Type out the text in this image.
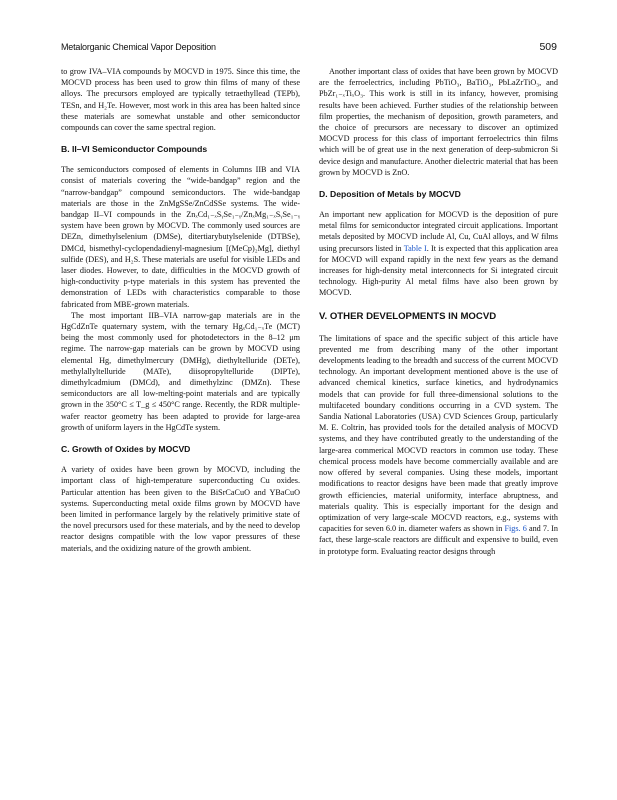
Metalorganic Chemical Vapor Deposition	509

to grow IVA–VIA compounds by MOCVD in 1975. Since this time, the MOCVD process has been used to grow thin films of many of these alloys. The precursors employed are typically tetraethyllead (TEPb), TESn, and H₂Te. However, most work in this area has been halted since these materials are somewhat unstable and other semiconductor compounds can cover the same spectral region.

B. II–VI Semiconductor Compounds

The semiconductors composed of elements in Columns IIB and VIA consist of materials covering the “wide-bandgap” region and the “narrow-bandgap” compound semiconductors. The wide-bandgap materials are those in the ZnMgSSe/ZnCdSSe systems. The wide-bandgap II–VI compounds in the ZnₓCd₁₋ₓSᵧSe₁₋ᵧ/ZnₓMg₁₋ₓSᵧSe₁₋ᵧ system have been grown by MOCVD. The commonly used sources are DEZn, dimethylselenium (DMSe), ditertiarybutylselenide (DTBSe), DMCd, bismethyl-cyclopendadienyl-magnesium [(MeCp)₂Mg], diethyl sulfide (DES), and H₂S. These materials are useful for visible LEDs and laser diodes. However, to date, difficulties in the MOCVD growth of high-conductivity p-type materials in this system has prevented the demonstration of LEDs with characteristics comparable to those fabricated from MBE-grown materials.

The most important IIB–VIA narrow-gap materials are in the HgCdZnTe quaternary system, with the ternary HgₓCd₁₋ₓTe (MCT) being the most commonly used for photodetectors in the 8–12 μm regime. The narrow-gap materials can be grown by MOCVD using elemental Hg, dimethylmercury (DMHg), diethyltelluride (DETe), methylallyltelluride (MATe), diisopropyltelluride (DIPTe), dimethylcadmium (DMCd), and dimethylzinc (DMZn). These semiconductors are all low-melting-point materials and are typically grown in the 350°C ≤ T_g ≤ 450°C range. Recently, the RDR multiple-wafer reactor geometry has been adapted to provide for large-area growth of uniform layers in the HgCdTe system.

C. Growth of Oxides by MOCVD

A variety of oxides have been grown by MOCVD, including the important class of high-temperature superconducting Cu oxides. Particular attention has been given to the BiSrCaCuO and YBaCuO systems. Superconducting metal oxide films grown by MOCVD have been limited in performance largely by the relatively primitive state of the novel precursors used for these materials, and by the need to develop reactor designs compatible with the low vapor pressures of these materials, and the oxidizing nature of the growth ambient.

Another important class of oxides that have been grown by MOCVD are the ferroelectrics, including PbTiO₃, BaTiO₃, PbLaZrTiO₃, and PbZr₁₋ₓTiₓO₃. This work is still in its infancy, however, promising results have been achieved. Further studies of the relationship between film properties, the mechanism of deposition, growth parameters, and the choice of precursors are necessary to discover an optimized MOCVD process for this class of important ferroelectrics thin films which will be of great use in the next generation of deep-submicron Si device design and manufacture. Another dielectric material that has been grown by MOCVD is ZnO.

D. Deposition of Metals by MOCVD

An important new application for MOCVD is the deposition of pure metal films for semiconductor integrated circuit applications. Important metals deposited by MOCVD include Al, Cu, CuAl alloys, and W films using precursors listed in Table I. It is expected that this application area for MOCVD will expand rapidly in the next few years as the demand increases for high-density metal interconnects for Si integrated circuit technology. High-purity Al metal films have also been grown by MOCVD.

V. OTHER DEVELOPMENTS IN MOCVD

The limitations of space and the specific subject of this article have prevented me from describing many of the other important developments leading to the breadth and success of the current MOCVD technology. An important development mentioned above is the use of advanced chemical kinetics, surface kinetics, and hydrodynamics models that can provide for full three-dimensional solutions to the multifaceted boundary conditions occurring in a CVD system. The Sandia National Laboratories (USA) CVD Sciences Group, particularly M. E. Coltrin, has provided tools for the detailed analysis of MOCVD systems, and they have contributed greatly to the understanding of the large-area commerical MOCVD reactors in common use today. These chemical process models have become commercially available and are now offered by several companies. Using these models, important modifications to reactor designs have been made that greatly improve growth efficiencies, material uniformity, interface abruptness, and materials quality. This is especially important for the design and optimization of very large-scale MOCVD reactors, e.g., systems with capacities for seven 6.0 in. diameter wafers as shown in Figs. 6 and 7. In fact, these large-scale reactors are difficult and expensive to build, even in prototype form. Evaluating reactor designs through
